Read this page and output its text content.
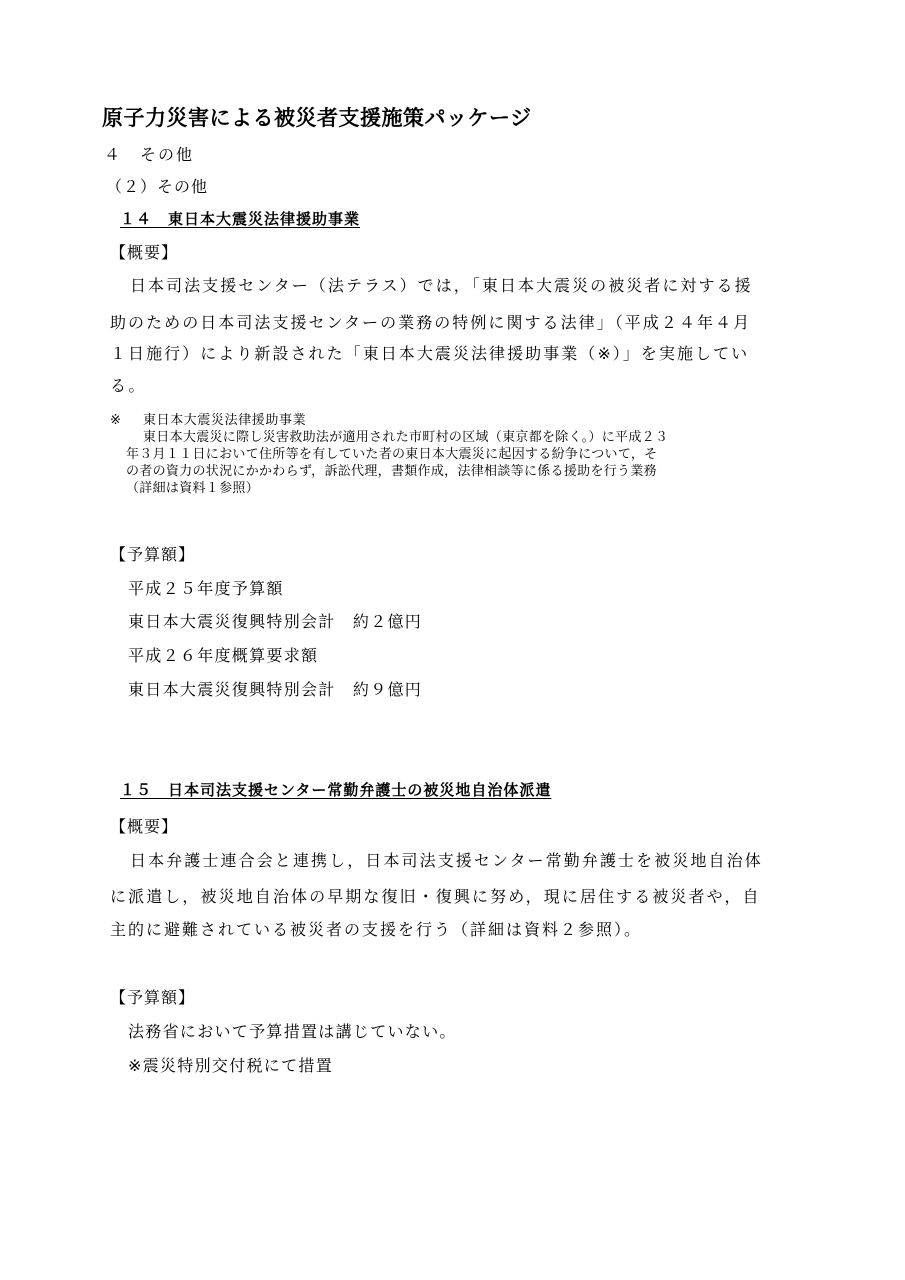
原子力災害による被災者支援施策パッケージ
４　その他
（２）その他
１４　東日本大震災法律援助事業
【概要】
日本司法支援センター（法テラス）では，「東日本大震災の被災者に対する援
助のための日本司法支援センターの業務の特例に関する法律」（平成２４年４月
１日施行）により新設された「東日本大震災法律援助事業（※）」を実施してい
る。
※ 東日本大震災法律援助事業
東日本大震災に際し災害救助法が適用された市町村の区域（東京都を除く。）に平成２３
年３月１１日において住所等を有していた者の東日本大震災に起因する紛争について，そ
の者の資力の状況にかかわらず，訴訟代理，書類作成，法律相談等に係る援助を行う業務
（詳細は資料１参照）
【予算額】
平成２５年度予算額
東日本大震災復興特別会計　約２億円
平成２６年度概算要求額
東日本大震災復興特別会計　約９億円
１５　日本司法支援センター常勤弁護士の被災地自治体派遣
【概要】
日本弁護士連合会と連携し，日本司法支援センター常勤弁護士を被災地自治体
に派遣し，被災地自治体の早期な復旧・復興に努め，現に居住する被災者や，自
主的に避難されている被災者の支援を行う（詳細は資料２参照）。
【予算額】
法務省において予算措置は講じていない。
※震災特別交付税にて措置
